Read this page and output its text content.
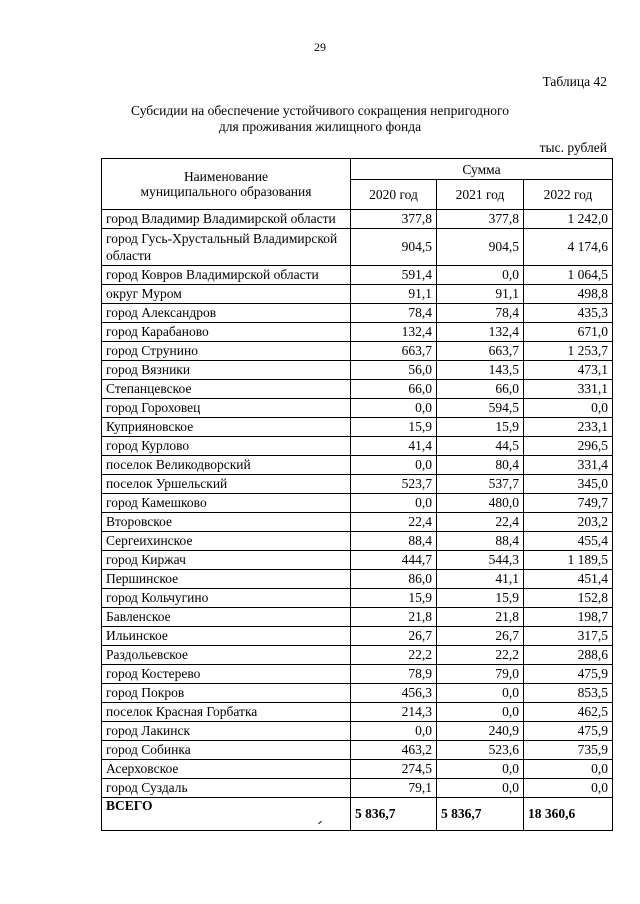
29
Таблица 42
Субсидии на обеспечение устойчивого сокращения непригодного
для проживания жилищного фонда
тыс. рублей
Наименование
муниципального образования	Сумма		
	2020 год	2021 год	2022 год
город Владимир Владимирской области	377,8	377,8	1 242,0
город Гусь-Хрустальный Владимирской области	904,5	904,5	4 174,6
город Ковров Владимирской области	591,4	0,0	1 064,5
округ Муром	91,1	91,1	498,8
город Александров	78,4	78,4	435,3
город Карабаново	132,4	132,4	671,0
город Струнино	663,7	663,7	1 253,7
город Вязники	56,0	143,5	473,1
Степанцевское	66,0	66,0	331,1
город Гороховец	0,0	594,5	0,0
Куприяновское	15,9	15,9	233,1
город Курлово	41,4	44,5	296,5
поселок Великодворский	0,0	80,4	331,4
поселок Уршельский	523,7	537,7	345,0
город Камешково	0,0	480,0	749,7
Второвское	22,4	22,4	203,2
Сергеихинское	88,4	88,4	455,4
город Киржач	444,7	544,3	1 189,5
Першинское	86,0	41,1	451,4
город Кольчугино	15,9	15,9	152,8
Бавленское	21,8	21,8	198,7
Ильинское	26,7	26,7	317,5
Раздольевское	22,2	22,2	288,6
город Костерево	78,9	79,0	475,9
город Покров	456,3	0,0	853,5
поселок Красная Горбатка	214,3	0,0	462,5
город Лакинск	0,0	240,9	475,9
город Собинка	463,2	523,6	735,9
Асерховское	274,5	0,0	0,0
город Суздаль	79,1	0,0	0,0
ВСЕГО	5 836,7	5 836,7	18 360,6
